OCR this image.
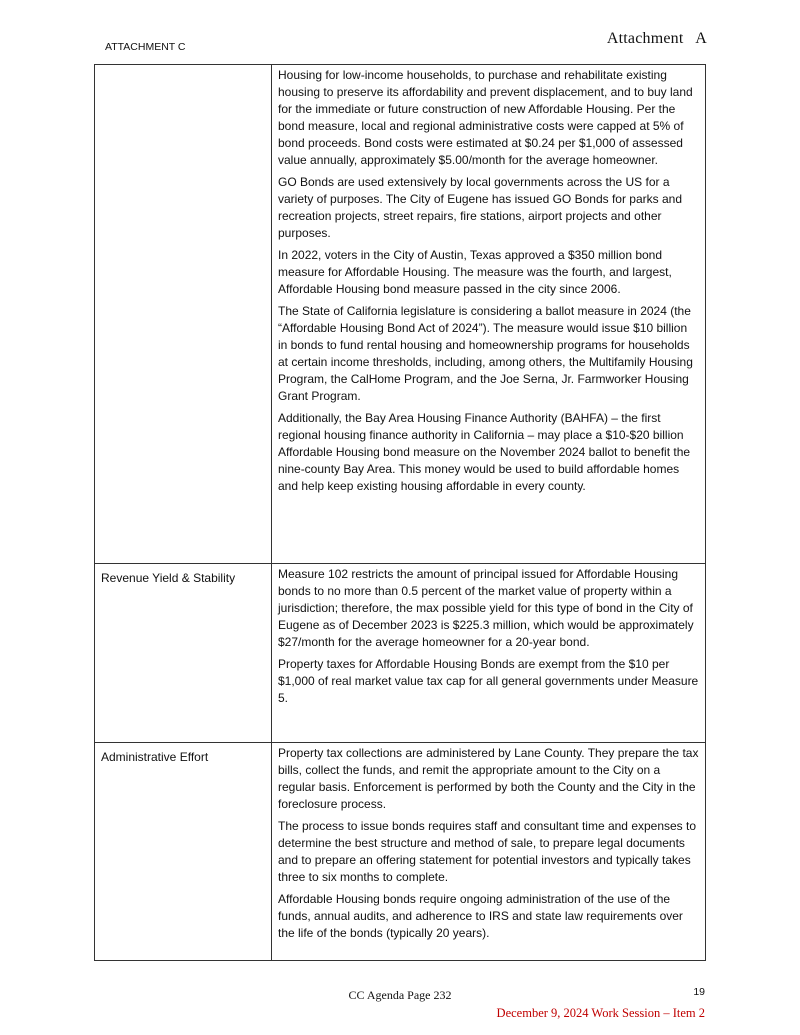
ATTACHMENT C	Attachment   A

	Housing for low-income households, to purchase and rehabilitate existing housing to preserve its affordability and prevent displacement, and to buy land for the immediate or future construction of new Affordable Housing. Per the bond measure, local and regional administrative costs were capped at 5% of bond proceeds. Bond costs were estimated at $0.24 per $1,000 of assessed value annually, approximately $5.00/month for the average homeowner.

GO Bonds are used extensively by local governments across the US for a variety of purposes. The City of Eugene has issued GO Bonds for parks and recreation projects, street repairs, fire stations, airport projects and other purposes.

In 2022, voters in the City of Austin, Texas approved a $350 million bond measure for Affordable Housing. The measure was the fourth, and largest, Affordable Housing bond measure passed in the city since 2006.

The State of California legislature is considering a ballot measure in 2024 (the “Affordable Housing Bond Act of 2024”). The measure would issue $10 billion in bonds to fund rental housing and homeownership programs for households at certain income thresholds, including, among others, the Multifamily Housing Program, the CalHome Program, and the Joe Serna, Jr. Farmworker Housing Grant Program.

Additionally, the Bay Area Housing Finance Authority (BAHFA) – the first regional housing finance authority in California – may place a $10-$20 billion Affordable Housing bond measure on the November 2024 ballot to benefit the nine-county Bay Area. This money would be used to build affordable homes and help keep existing housing affordable in every county.

Revenue Yield & Stability	Measure 102 restricts the amount of principal issued for Affordable Housing bonds to no more than 0.5 percent of the market value of property within a jurisdiction; therefore, the max possible yield for this type of bond in the City of Eugene as of December 2023 is $225.3 million, which would be approximately $27/month for the average homeowner for a 20-year bond.

Property taxes for Affordable Housing Bonds are exempt from the $10 per $1,000 of real market value tax cap for all general governments under Measure 5.

Administrative Effort	Property tax collections are administered by Lane County. They prepare the tax bills, collect the funds, and remit the appropriate amount to the City on a regular basis. Enforcement is performed by both the County and the City in the foreclosure process.

The process to issue bonds requires staff and consultant time and expenses to determine the best structure and method of sale, to prepare legal documents and to prepare an offering statement for potential investors and typically takes three to six months to complete.

Affordable Housing bonds require ongoing administration of the use of the funds, annual audits, and adherence to IRS and state law requirements over the life of the bonds (typically 20 years).

CC Agenda Page 232	19
December 9, 2024 Work Session – Item 2
